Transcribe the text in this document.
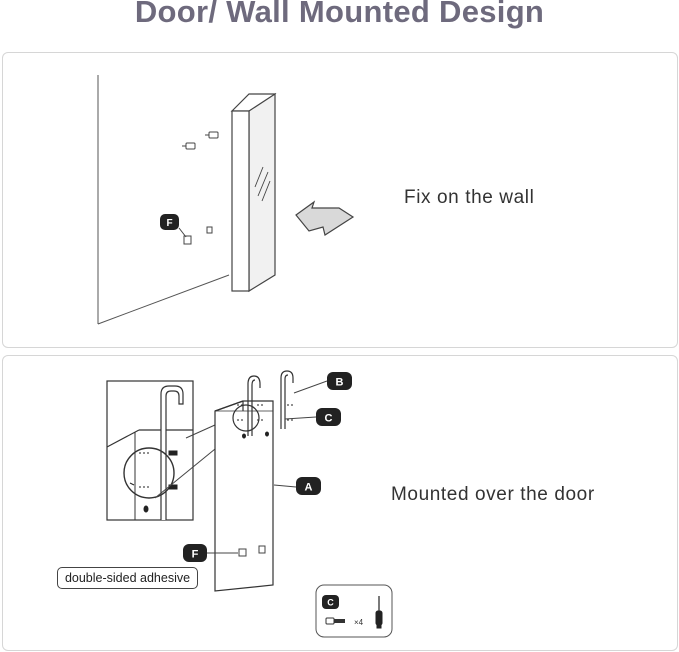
Door/ Wall Mounted Design
F
Fix on the wall
B
C
A
F
C
×4
double-sided adhesive
Mounted over the door
